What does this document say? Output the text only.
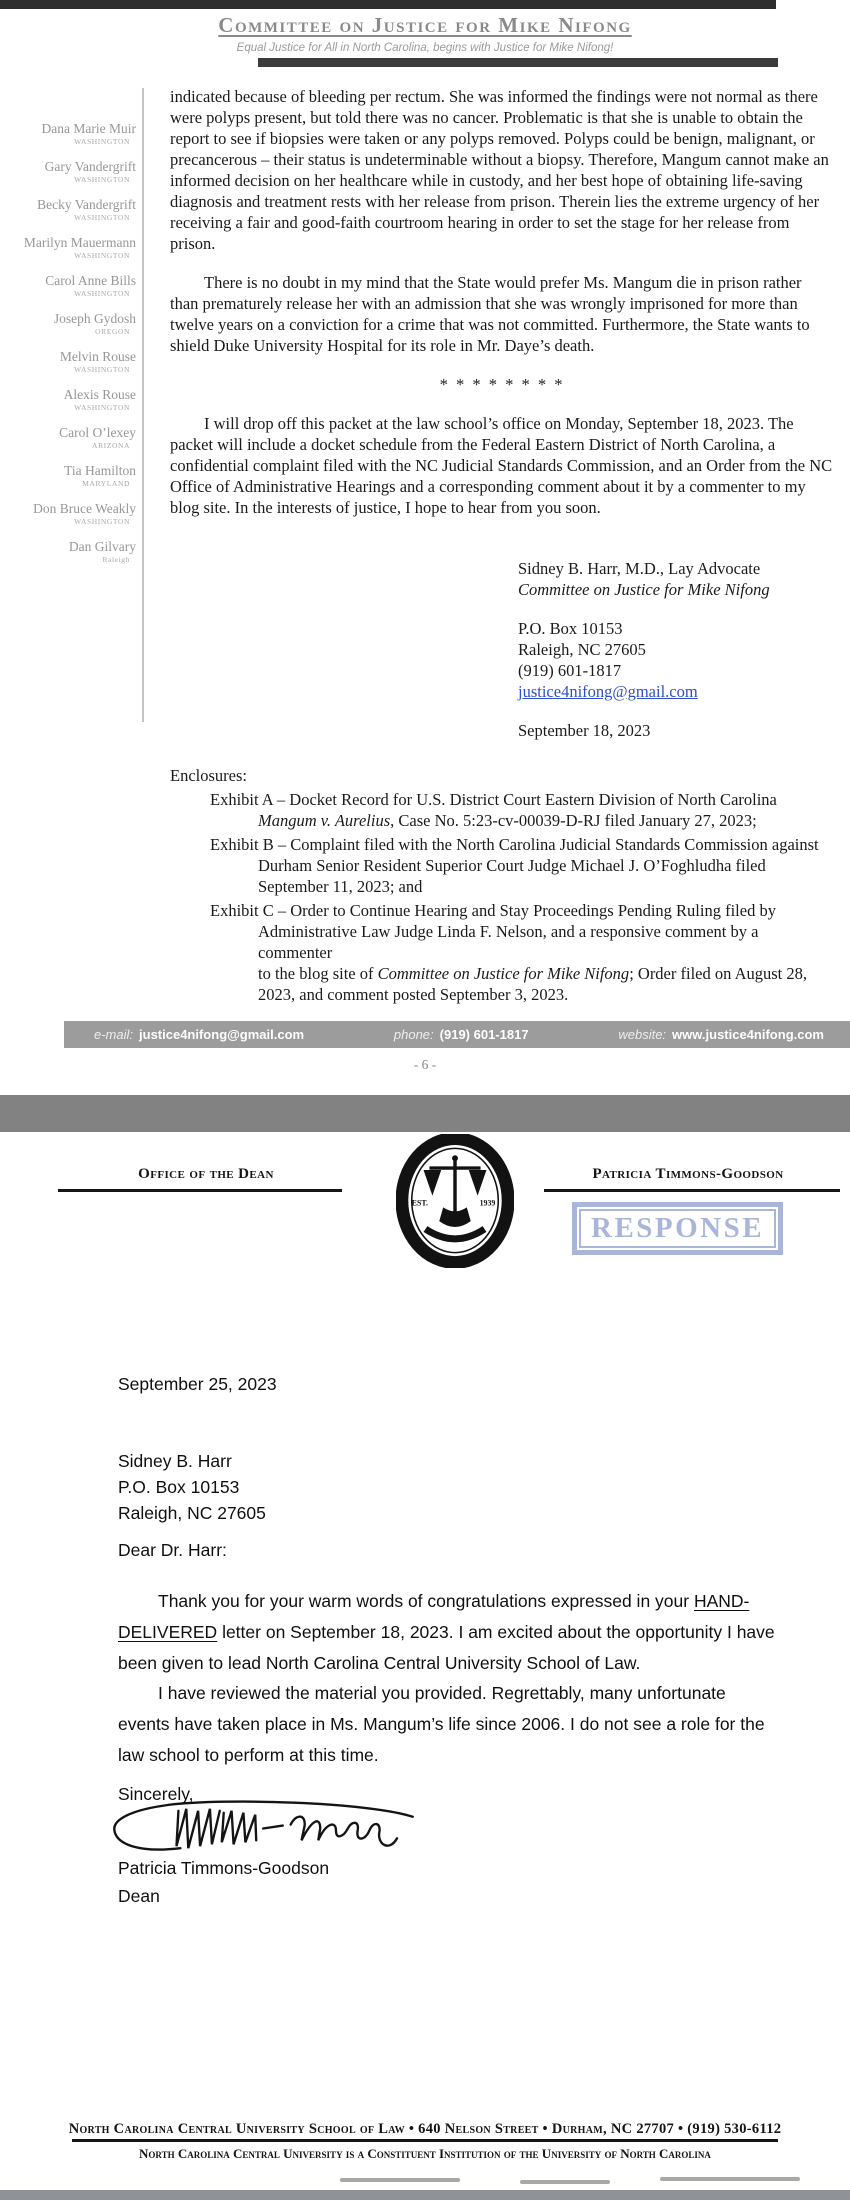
Committee on Justice for Mike Nifong
Equal Justice for All in North Carolina, begins with Justice for Mike Nifong!
Dana Marie Muir
WASHINGTON
Gary Vandergrift
WASHINGTON
Becky Vandergrift
WASHINGTON
Marilyn Mauermann
WASHINGTON
Carol Anne Bills
WASHINGTON
Joseph Gydosh
OREGON
Melvin Rouse
WASHINGTON
Alexis Rouse
WASHINGTON
Carol O’lexey
ARIZONA
Tia Hamilton
MARYLAND
Don Bruce Weakly
WASHINGTON
Dan Gilvary
Raleigh

indicated because of bleeding per rectum. She was informed the findings were not normal as there were polyps present, but told there was no cancer. Problematic is that she is unable to obtain the report to see if biopsies were taken or any polyps removed. Polyps could be benign, malignant, or precancerous – their status is undeterminable without a biopsy. Therefore, Mangum cannot make an informed decision on her healthcare while in custody, and her best hope of obtaining life-saving diagnosis and treatment rests with her release from prison. Therein lies the extreme urgency of her receiving a fair and good-faith courtroom hearing in order to set the stage for her release from prison.

There is no doubt in my mind that the State would prefer Ms. Mangum die in prison rather than prematurely release her with an admission that she was wrongly imprisoned for more than twelve years on a conviction for a crime that was not committed. Furthermore, the State wants to shield Duke University Hospital for its role in Mr. Daye’s death.

* * * * * * * *

I will drop off this packet at the law school’s office on Monday, September 18, 2023. The packet will include a docket schedule from the Federal Eastern District of North Carolina, a confidential complaint filed with the NC Judicial Standards Commission, and an Order from the NC Office of Administrative Hearings and a corresponding comment about it by a commenter to my blog site. In the interests of justice, I hope to hear from you soon.

Sidney B. Harr, M.D., Lay Advocate
Committee on Justice for Mike Nifong
P.O. Box 10153
Raleigh, NC 27605
(919) 601-1817
justice4nifong@gmail.com
September 18, 2023
Enclosures:
Exhibit A – Docket Record for U.S. District Court Eastern Division of North Carolina
Mangum v. Aurelius, Case No. 5:23-cv-00039-D-RJ filed January 27, 2023;
Exhibit B – Complaint filed with the North Carolina Judicial Standards Commission against
Durham Senior Resident Superior Court Judge Michael J. O’Foghludha filed
September 11, 2023; and
Exhibit C – Order to Continue Hearing and Stay Proceedings Pending Ruling filed by
Administrative Law Judge Linda F. Nelson, and a responsive comment by a commenter
to the blog site of Committee on Justice for Mike Nifong; Order filed on August 28,
2023, and comment posted September 3, 2023.
e-mail: justice4nifong@gmail.com	phone: (919) 601-1817	website: www.justice4nifong.com
- 6 -
Office of the Dean
EST.	1939
Patricia Timmons-Goodson
RESPONSE
September 25, 2023
Sidney B. Harr
P.O. Box 10153
Raleigh, NC 27605
Dear Dr. Harr:
Thank you for your warm words of congratulations expressed in your HAND-
DELIVERED letter on September 18, 2023. I am excited about the opportunity I have
been given to lead North Carolina Central University School of Law.
I have reviewed the material you provided. Regrettably, many unfortunate
events have taken place in Ms. Mangum’s life since 2006. I do not see a role for the
law school to perform at this time.
Sincerely,
Patricia Timmons-Goodson
Dean
North Carolina Central University School of Law • 640 Nelson Street • Durham, NC 27707 • (919) 530-6112
North Carolina Central University is a Constituent Institution of the University of North Carolina
